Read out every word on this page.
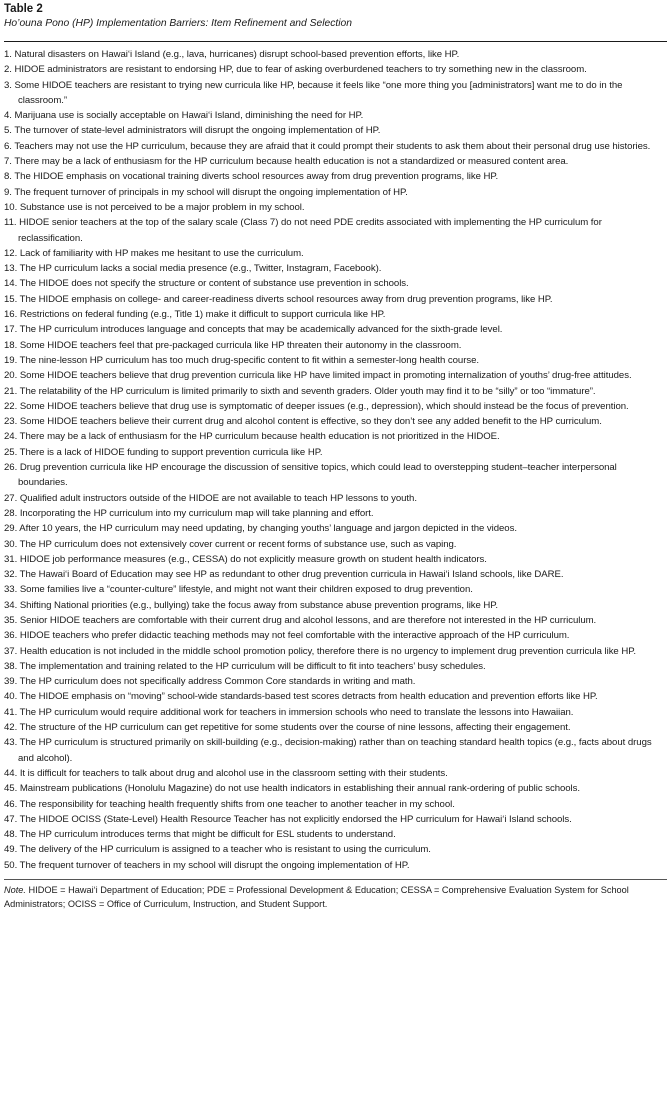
Table 2
Ho’ouna Pono (HP) Implementation Barriers: Item Refinement and Selection
1. Natural disasters on Hawai‘i Island (e.g., lava, hurricanes) disrupt school-based prevention efforts, like HP.
2. HIDOE administrators are resistant to endorsing HP, due to fear of asking overburdened teachers to try something new in the classroom.
3. Some HIDOE teachers are resistant to trying new curricula like HP, because it feels like “one more thing you [administrators] want me to do in the classroom.”
4. Marijuana use is socially acceptable on Hawai‘i Island, diminishing the need for HP.
5. The turnover of state-level administrators will disrupt the ongoing implementation of HP.
6. Teachers may not use the HP curriculum, because they are afraid that it could prompt their students to ask them about their personal drug use histories.
7. There may be a lack of enthusiasm for the HP curriculum because health education is not a standardized or measured content area.
8. The HIDOE emphasis on vocational training diverts school resources away from drug prevention programs, like HP.
9. The frequent turnover of principals in my school will disrupt the ongoing implementation of HP.
10. Substance use is not perceived to be a major problem in my school.
11. HIDOE senior teachers at the top of the salary scale (Class 7) do not need PDE credits associated with implementing the HP curriculum for reclassification.
12. Lack of familiarity with HP makes me hesitant to use the curriculum.
13. The HP curriculum lacks a social media presence (e.g., Twitter, Instagram, Facebook).
14. The HIDOE does not specify the structure or content of substance use prevention in schools.
15. The HIDOE emphasis on college- and career-readiness diverts school resources away from drug prevention programs, like HP.
16. Restrictions on federal funding (e.g., Title 1) make it difficult to support curricula like HP.
17. The HP curriculum introduces language and concepts that may be academically advanced for the sixth-grade level.
18. Some HIDOE teachers feel that pre-packaged curricula like HP threaten their autonomy in the classroom.
19. The nine-lesson HP curriculum has too much drug-specific content to fit within a semester-long health course.
20. Some HIDOE teachers believe that drug prevention curricula like HP have limited impact in promoting internalization of youths’ drug-free attitudes.
21. The relatability of the HP curriculum is limited primarily to sixth and seventh graders. Older youth may find it to be “silly” or too “immature”.
22. Some HIDOE teachers believe that drug use is symptomatic of deeper issues (e.g., depression), which should instead be the focus of prevention.
23. Some HIDOE teachers believe their current drug and alcohol content is effective, so they don’t see any added benefit to the HP curriculum.
24. There may be a lack of enthusiasm for the HP curriculum because health education is not prioritized in the HIDOE.
25. There is a lack of HIDOE funding to support prevention curricula like HP.
26. Drug prevention curricula like HP encourage the discussion of sensitive topics, which could lead to overstepping student–teacher interpersonal boundaries.
27. Qualified adult instructors outside of the HIDOE are not available to teach HP lessons to youth.
28. Incorporating the HP curriculum into my curriculum map will take planning and effort.
29. After 10 years, the HP curriculum may need updating, by changing youths’ language and jargon depicted in the videos.
30. The HP curriculum does not extensively cover current or recent forms of substance use, such as vaping.
31. HIDOE job performance measures (e.g., CESSA) do not explicitly measure growth on student health indicators.
32. The Hawai‘i Board of Education may see HP as redundant to other drug prevention curricula in Hawai‘i Island schools, like DARE.
33. Some families live a “counter-culture” lifestyle, and might not want their children exposed to drug prevention.
34. Shifting National priorities (e.g., bullying) take the focus away from substance abuse prevention programs, like HP.
35. Senior HIDOE teachers are comfortable with their current drug and alcohol lessons, and are therefore not interested in the HP curriculum.
36. HIDOE teachers who prefer didactic teaching methods may not feel comfortable with the interactive approach of the HP curriculum.
37. Health education is not included in the middle school promotion policy, therefore there is no urgency to implement drug prevention curricula like HP.
38. The implementation and training related to the HP curriculum will be difficult to fit into teachers’ busy schedules.
39. The HP curriculum does not specifically address Common Core standards in writing and math.
40. The HIDOE emphasis on “moving” school-wide standards-based test scores detracts from health education and prevention efforts like HP.
41. The HP curriculum would require additional work for teachers in immersion schools who need to translate the lessons into Hawaiian.
42. The structure of the HP curriculum can get repetitive for some students over the course of nine lessons, affecting their engagement.
43. The HP curriculum is structured primarily on skill-building (e.g., decision-making) rather than on teaching standard health topics (e.g., facts about drugs and alcohol).
44. It is difficult for teachers to talk about drug and alcohol use in the classroom setting with their students.
45. Mainstream publications (Honolulu Magazine) do not use health indicators in establishing their annual rank-ordering of public schools.
46. The responsibility for teaching health frequently shifts from one teacher to another teacher in my school.
47. The HIDOE OCISS (State-Level) Health Resource Teacher has not explicitly endorsed the HP curriculum for Hawai‘i Island schools.
48. The HP curriculum introduces terms that might be difficult for ESL students to understand.
49. The delivery of the HP curriculum is assigned to a teacher who is resistant to using the curriculum.
50. The frequent turnover of teachers in my school will disrupt the ongoing implementation of HP.
Note. HIDOE = Hawai‘i Department of Education; PDE = Professional Development & Education; CESSA = Comprehensive Evaluation System for School Administrators; OCISS = Office of Curriculum, Instruction, and Student Support.
